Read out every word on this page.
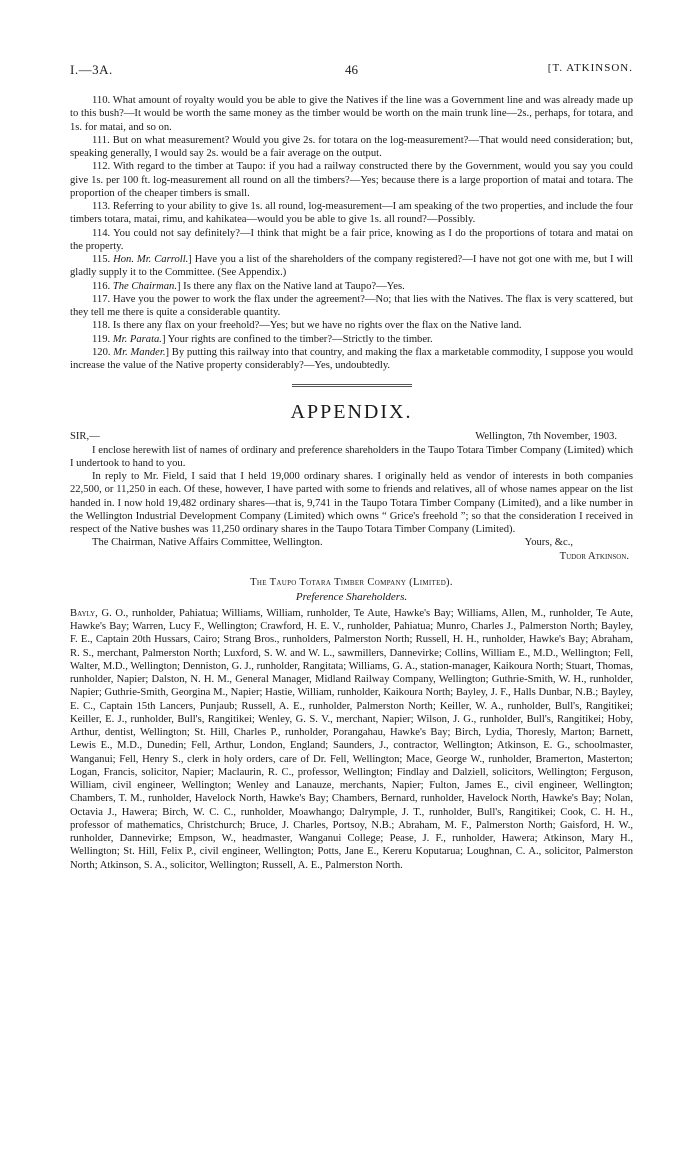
I.—3A.	46	[T. ATKINSON.

110. What amount of royalty would you be able to give the Natives if the line was a Government line and was already made up to this bush?—It would be worth the same money as the timber would be worth on the main trunk line—2s., perhaps, for totara, and 1s. for matai, and so on.

111. But on what measurement? Would you give 2s. for totara on the log-measurement?—That would need consideration; but, speaking generally, I would say 2s. would be a fair average on the output.

112. With regard to the timber at Taupo: if you had a railway constructed there by the Government, would you say you could give 1s. per 100 ft. log-measurement all round on all the timbers?—Yes; because there is a large proportion of matai and totara. The proportion of the cheaper timbers is small.

113. Referring to your ability to give 1s. all round, log-measurement—I am speaking of the two properties, and include the four timbers totara, matai, rimu, and kahikatea—would you be able to give 1s. all round?—Possibly.

114. You could not say definitely?—I think that might be a fair price, knowing as I do the proportions of totara and matai on the property.

115. Hon. Mr. Carroll.] Have you a list of the shareholders of the company registered?—I have not got one with me, but I will gladly supply it to the Committee. (See Appendix.)

116. The Chairman.] Is there any flax on the Native land at Taupo?—Yes.

117. Have you the power to work the flax under the agreement?—No; that lies with the Natives. The flax is very scattered, but they tell me there is quite a considerable quantity.

118. Is there any flax on your freehold?—Yes; but we have no rights over the flax on the Native land.

119. Mr. Parata.] Your rights are confined to the timber?—Strictly to the timber.

120. Mr. Mander.] By putting this railway into that country, and making the flax a marketable commodity, I suppose you would increase the value of the Native property considerably?—Yes, undoubtedly.

APPENDIX.
SIR,—	Wellington, 7th November, 1903.

I enclose herewith list of names of ordinary and preference shareholders in the Taupo Totara Timber Company (Limited) which I undertook to hand to you.

In reply to Mr. Field, I said that I held 19,000 ordinary shares. I originally held as vendor of interests in both companies 22,500, or 11,250 in each. Of these, however, I have parted with some to friends and relatives, all of whose names appear on the list handed in. I now hold 19,482 ordinary shares—that is, 9,741 in the Taupo Totara Timber Company (Limited), and a like number in the Wellington Industrial Development Company (Limited) which owns “ Grice's freehold ”; so that the consideration I received in respect of the Native bushes was 11,250 ordinary shares in the Taupo Totara Timber Company (Limited).

The Chairman, Native Affairs Committee, Wellington.	Yours, &c.,
Tudor Atkinson.
The Taupo Totara Timber Company (Limited).
Preference Shareholders.
Bayly, G. O., runholder, Pahiatua; Williams, William, runholder, Te Aute, Hawke's Bay; Williams, Allen, M., runholder, Te Aute, Hawke's Bay; Warren, Lucy F., Wellington; Crawford, H. E. V., runholder, Pahiatua; Munro, Charles J., Palmerston North; Bayley, F. E., Captain 20th Hussars, Cairo; Strang Bros., runholders, Palmerston North; Russell, H. H., runholder, Hawke's Bay; Abraham, R. S., merchant, Palmerston North; Luxford, S. W. and W. L., sawmillers, Dannevirke; Collins, William E., M.D., Wellington; Fell, Walter, M.D., Wellington; Denniston, G. J., runholder, Rangitata; Williams, G. A., station-manager, Kaikoura North; Stuart, Thomas, runholder, Napier; Dalston, N. H. M., General Manager, Midland Railway Company, Wellington; Guthrie-Smith, W. H., runholder, Napier; Guthrie-Smith, Georgina M., Napier; Hastie, William, runholder, Kaikoura North; Bayley, J. F., Halls Dunbar, N.B.; Bayley, E. C., Captain 15th Lancers, Punjaub; Russell, A. E., runholder, Palmerston North; Keiller, W. A., runholder, Bull's, Rangitikei; Keiller, E. J., runholder, Bull's, Rangitikei; Wenley, G. S. V., merchant, Napier; Wilson, J. G., runholder, Bull's, Rangitikei; Hoby, Arthur, dentist, Wellington; St. Hill, Charles P., runholder, Porangahau, Hawke's Bay; Birch, Lydia, Thoresly, Marton; Barnett, Lewis E., M.D., Dunedin; Fell, Arthur, London, England; Saunders, J., contractor, Wellington; Atkinson, E. G., schoolmaster, Wanganui; Fell, Henry S., clerk in holy orders, care of Dr. Fell, Wellington; Mace, George W., runholder, Bramerton, Masterton; Logan, Francis, solicitor, Napier; Maclaurin, R. C., professor, Wellington; Findlay and Dalziell, solicitors, Wellington; Ferguson, William, civil engineer, Wellington; Wenley and Lanauze, merchants, Napier; Fulton, James E., civil engineer, Wellington; Chambers, T. M., runholder, Havelock North, Hawke's Bay; Chambers, Bernard, runholder, Havelock North, Hawke's Bay; Nolan, Octavia J., Hawera; Birch, W. C. C., runholder, Moawhango; Dalrymple, J. T., runholder, Bull's, Rangitikei; Cook, C. H. H., professor of mathematics, Christchurch; Bruce, J. Charles, Portsoy, N.B.; Abraham, M. F., Palmerston North; Gaisford, H. W., runholder, Dannevirke; Empson, W., headmaster, Wanganui College; Pease, J. F., runholder, Hawera; Atkinson, Mary H., Wellington; St. Hill, Felix P., civil engineer, Wellington; Potts, Jane E., Kereru Koputarua; Loughnan, C. A., solicitor, Palmerston North; Atkinson, S. A., solicitor, Wellington; Russell, A. E., Palmerston North.
